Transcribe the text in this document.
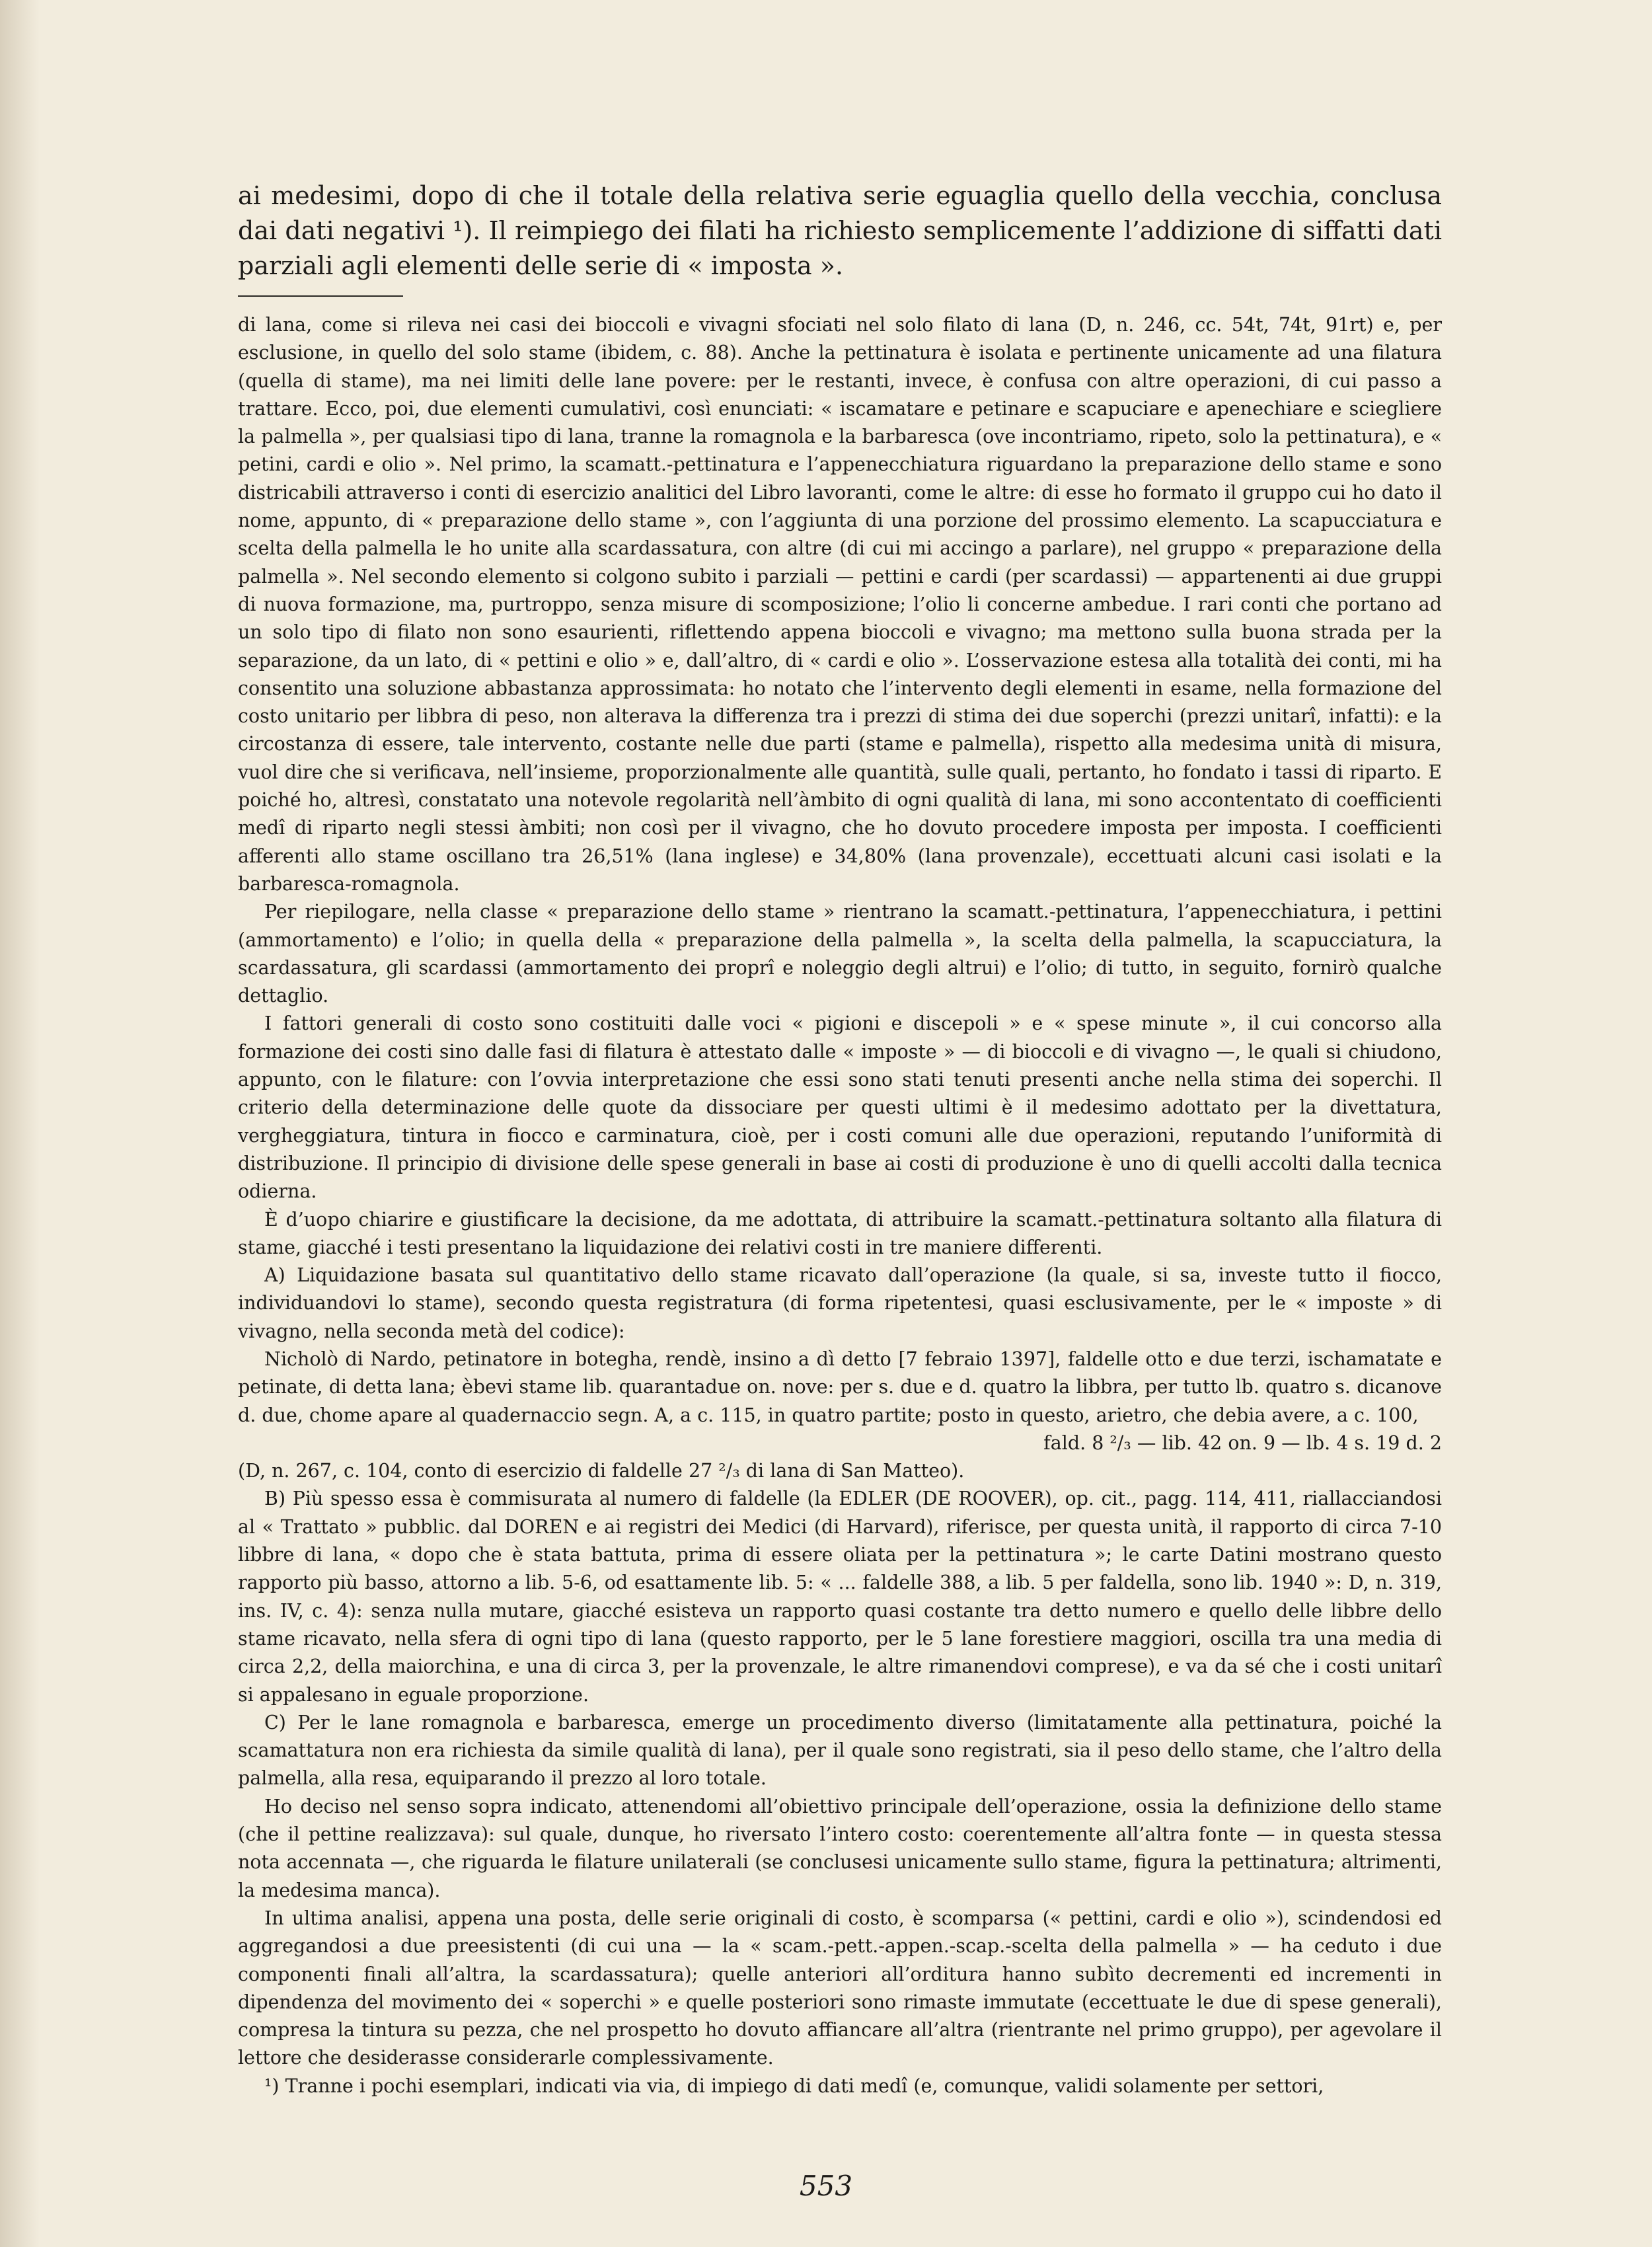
ai medesimi, dopo di che il totale della relativa serie eguaglia quello della vecchia, conclusa dai dati negativi ¹). Il reimpiego dei filati ha richiesto semplicemente l’addizione di siffatti dati parziali agli elementi delle serie di « imposta ».

di lana, come si rileva nei casi dei bioccoli e vivagni sfociati nel solo filato di lana (D, n. 246, cc. 54t, 74t, 91rt) e, per esclusione, in quello del solo stame (ibidem, c. 88). Anche la pettinatura è isolata e pertinente unicamente ad una filatura (quella di stame), ma nei limiti delle lane povere: per le restanti, invece, è confusa con altre operazioni, di cui passo a trattare. Ecco, poi, due elementi cumulativi, così enunciati: « iscamatare e petinare e scapuciare e apenechiare e sciegliere la palmella », per qualsiasi tipo di lana, tranne la romagnola e la barbaresca (ove incontriamo, ripeto, solo la pettinatura), e « petini, cardi e olio ». Nel primo, la scamatt.-pettinatura e l’appenecchiatura riguardano la preparazione dello stame e sono districabili attraverso i conti di esercizio analitici del Libro lavoranti, come le altre: di esse ho formato il gruppo cui ho dato il nome, appunto, di « preparazione dello stame », con l’aggiunta di una porzione del prossimo elemento. La scapucciatura e scelta della palmella le ho unite alla scardassatura, con altre (di cui mi accingo a parlare), nel gruppo « preparazione della palmella ». Nel secondo elemento si colgono subito i parziali — pettini e cardi (per scardassi) — appartenenti ai due gruppi di nuova formazione, ma, purtroppo, senza misure di scomposizione; l’olio li concerne ambedue. I rari conti che portano ad un solo tipo di filato non sono esaurienti, riflettendo appena bioccoli e vivagno; ma mettono sulla buona strada per la separazione, da un lato, di « pettini e olio » e, dall’altro, di « cardi e olio ». L’osservazione estesa alla totalità dei conti, mi ha consentito una soluzione abbastanza approssimata: ho notato che l’intervento degli elementi in esame, nella formazione del costo unitario per libbra di peso, non alterava la differenza tra i prezzi di stima dei due soperchi (prezzi unitarî, infatti): e la circostanza di essere, tale intervento, costante nelle due parti (stame e palmella), rispetto alla medesima unità di misura, vuol dire che si verificava, nell’insieme, proporzionalmente alle quantità, sulle quali, pertanto, ho fondato i tassi di riparto. E poiché ho, altresì, constatato una notevole regolarità nell’àmbito di ogni qualità di lana, mi sono accontentato di coefficienti medî di riparto negli stessi àmbiti; non così per il vivagno, che ho dovuto procedere imposta per imposta. I coefficienti afferenti allo stame oscillano tra 26,51% (lana inglese) e 34,80% (lana provenzale), eccettuati alcuni casi isolati e la barbaresca-romagnola.

Per riepilogare, nella classe « preparazione dello stame » rientrano la scamatt.-pettinatura, l’appenecchiatura, i pettini (ammortamento) e l’olio; in quella della « preparazione della palmella », la scelta della palmella, la scapucciatura, la scardassatura, gli scardassi (ammortamento dei proprî e noleggio degli altrui) e l’olio; di tutto, in seguito, fornirò qualche dettaglio.

I fattori generali di costo sono costituiti dalle voci « pigioni e discepoli » e « spese minute », il cui concorso alla formazione dei costi sino dalle fasi di filatura è attestato dalle « imposte » — di bioccoli e di vivagno —, le quali si chiudono, appunto, con le filature: con l’ovvia interpretazione che essi sono stati tenuti presenti anche nella stima dei soperchi. Il criterio della determinazione delle quote da dissociare per questi ultimi è il medesimo adottato per la divettatura, vergheggiatura, tintura in fiocco e carminatura, cioè, per i costi comuni alle due operazioni, reputando l’uniformità di distribuzione. Il principio di divisione delle spese generali in base ai costi di produzione è uno di quelli accolti dalla tecnica odierna.

È d’uopo chiarire e giustificare la decisione, da me adottata, di attribuire la scamatt.-pettinatura soltanto alla filatura di stame, giacché i testi presentano la liquidazione dei relativi costi in tre maniere differenti.

A) Liquidazione basata sul quantitativo dello stame ricavato dall’operazione (la quale, si sa, investe tutto il fiocco, individuandovi lo stame), secondo questa registratura (di forma ripetentesi, quasi esclusivamente, per le « imposte » di vivagno, nella seconda metà del codice):

Nicholò di Nardo, petinatore in botegha, rendè, insino a dì detto [7 febraio 1397], faldelle otto e due terzi, ischamatate e petinate, di detta lana; èbevi stame lib. quarantadue on. nove: per s. due e d. quatro la libbra, per tutto lb. quatro s. dicanove d. due, chome apare al quadernaccio segn. A, a c. 115, in quatro partite; posto in questo, arietro, che debia avere, a c. 100,

fald. 8 ²/₃ — lib. 42 on. 9 — lb. 4 s. 19 d. 2

(D, n. 267, c. 104, conto di esercizio di faldelle 27 ²/₃ di lana di San Matteo).

B) Più spesso essa è commisurata al numero di faldelle (la EDLER (DE ROOVER), op. cit., pagg. 114, 411, riallacciandosi al « Trattato » pubblic. dal DOREN e ai registri dei Medici (di Harvard), riferisce, per questa unità, il rapporto di circa 7-10 libbre di lana, « dopo che è stata battuta, prima di essere oliata per la pettinatura »; le carte Datini mostrano questo rapporto più basso, attorno a lib. 5-6, od esattamente lib. 5: « ... faldelle 388, a lib. 5 per faldella, sono lib. 1940 »: D, n. 319, ins. IV, c. 4): senza nulla mutare, giacché esisteva un rapporto quasi costante tra detto numero e quello delle libbre dello stame ricavato, nella sfera di ogni tipo di lana (questo rapporto, per le 5 lane forestiere maggiori, oscilla tra una media di circa 2,2, della maiorchina, e una di circa 3, per la provenzale, le altre rimanendovi comprese), e va da sé che i costi unitarî si appalesano in eguale proporzione.

C) Per le lane romagnola e barbaresca, emerge un procedimento diverso (limitatamente alla pettinatura, poiché la scamattatura non era richiesta da simile qualità di lana), per il quale sono registrati, sia il peso dello stame, che l’altro della palmella, alla resa, equiparando il prezzo al loro totale.

Ho deciso nel senso sopra indicato, attenendomi all’obiettivo principale dell’operazione, ossia la definizione dello stame (che il pettine realizzava): sul quale, dunque, ho riversato l’intero costo: coerentemente all’altra fonte — in questa stessa nota accennata —, che riguarda le filature unilaterali (se conclusesi unicamente sullo stame, figura la pettinatura; altrimenti, la medesima manca).

In ultima analisi, appena una posta, delle serie originali di costo, è scomparsa (« pettini, cardi e olio »), scindendosi ed aggregandosi a due preesistenti (di cui una — la « scam.-pett.-appen.-scap.-scelta della palmella » — ha ceduto i due componenti finali all’altra, la scardassatura); quelle anteriori all’orditura hanno subìto decrementi ed incrementi in dipendenza del movimento dei « soperchi » e quelle posteriori sono rimaste immutate (eccettuate le due di spese generali), compresa la tintura su pezza, che nel prospetto ho dovuto affiancare all’altra (rientrante nel primo gruppo), per agevolare il lettore che desiderasse considerarle complessivamente.

¹) Tranne i pochi esemplari, indicati via via, di impiego di dati medî (e, comunque, validi solamente per settori,

553
